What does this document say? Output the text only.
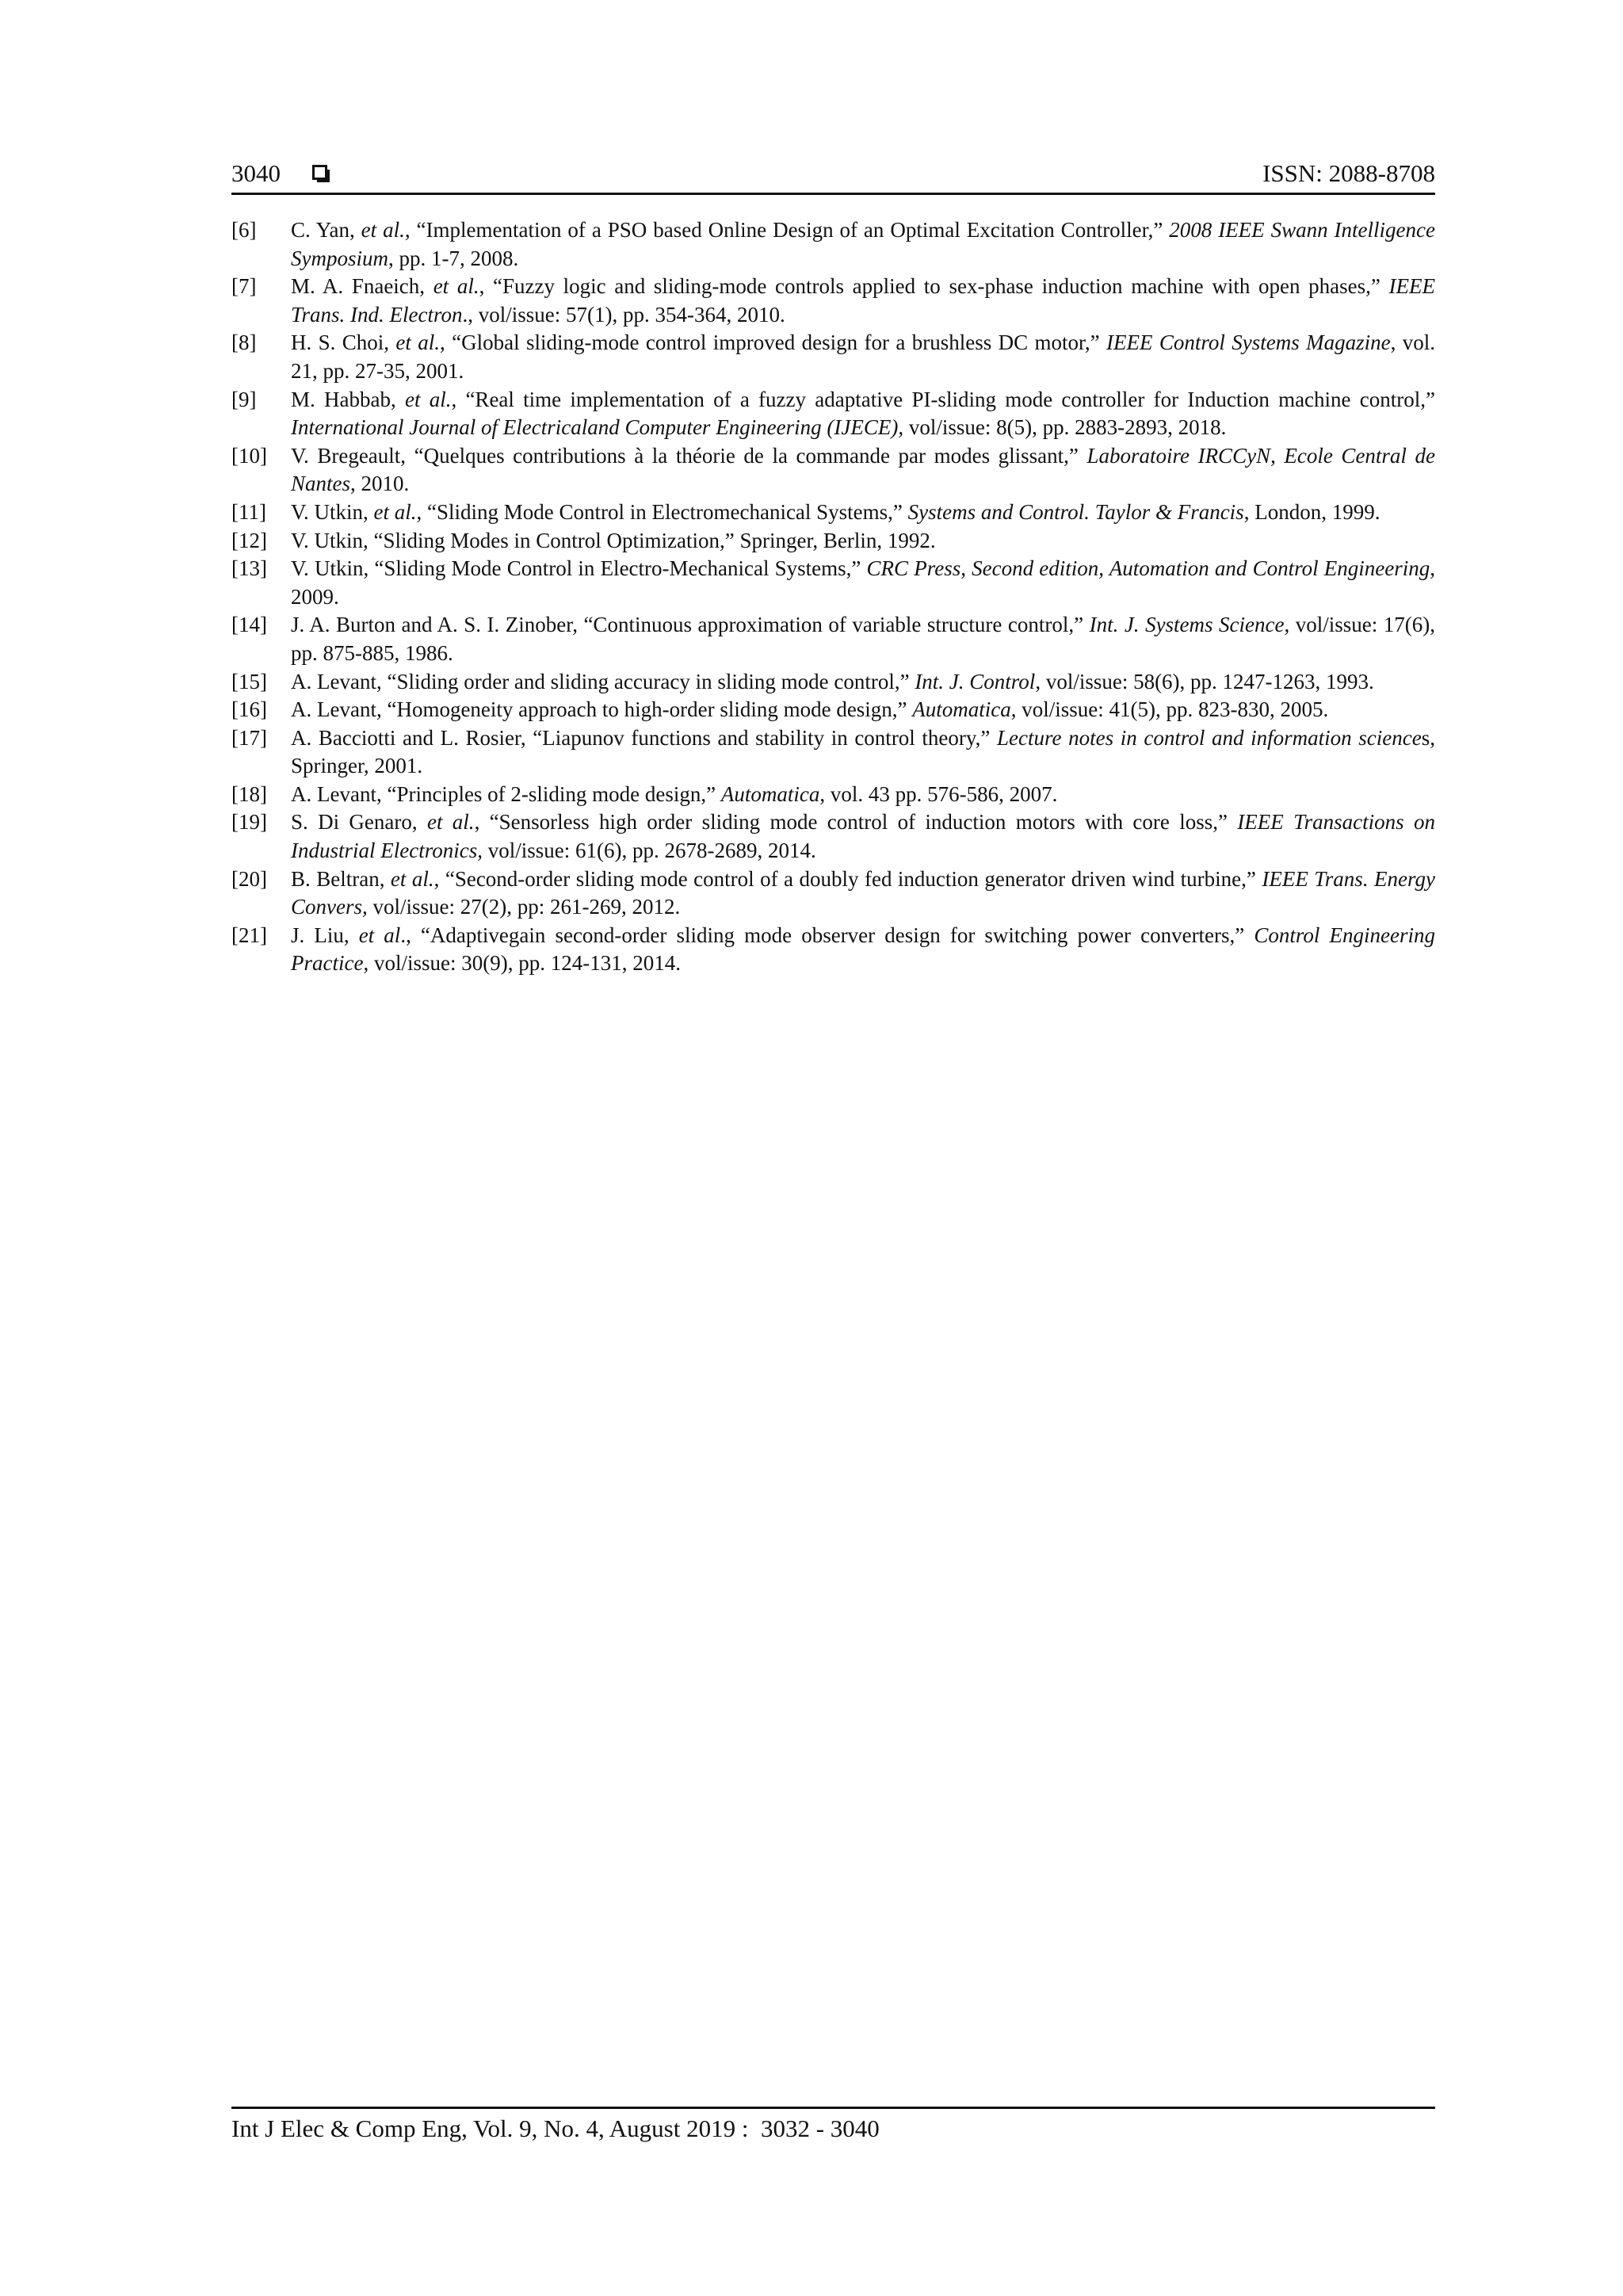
3040	ISSN: 2088-8708
[6]	C. Yan, et al., “Implementation of a PSO based Online Design of an Optimal Excitation Controller,” 2008 IEEE Swann Intelligence Symposium, pp. 1-7, 2008.
[7]	M. A. Fnaeich, et al., “Fuzzy logic and sliding-mode controls applied to sex-phase induction machine with open phases,” IEEE Trans. Ind. Electron., vol/issue: 57(1), pp. 354-364, 2010.
[8]	H. S. Choi, et al., “Global sliding-mode control improved design for a brushless DC motor,” IEEE Control Systems Magazine, vol. 21, pp. 27-35, 2001.
[9]	M. Habbab, et al., “Real time implementation of a fuzzy adaptative PI-sliding mode controller for Induction machine control,” International Journal of Electricaland Computer Engineering (IJECE), vol/issue: 8(5), pp. 2883-2893, 2018.
[10]	V. Bregeault, “Quelques contributions à la théorie de la commande par modes glissant,” Laboratoire IRCCyN, Ecole Central de Nantes, 2010.
[11]	V. Utkin, et al., “Sliding Mode Control in Electromechanical Systems,” Systems and Control. Taylor & Francis, London, 1999.
[12]	V. Utkin, “Sliding Modes in Control Optimization,” Springer, Berlin, 1992.
[13]	V. Utkin, “Sliding Mode Control in Electro-Mechanical Systems,” CRC Press, Second edition, Automation and Control Engineering, 2009.
[14]	J. A. Burton and A. S. I. Zinober, “Continuous approximation of variable structure control,” Int. J. Systems Science, vol/issue: 17(6), pp. 875-885, 1986.
[15]	A. Levant, “Sliding order and sliding accuracy in sliding mode control,” Int. J. Control, vol/issue: 58(6), pp. 1247-1263, 1993.
[16]	A. Levant, “Homogeneity approach to high-order sliding mode design,” Automatica, vol/issue: 41(5), pp. 823-830, 2005.
[17]	A. Bacciotti and L. Rosier, “Liapunov functions and stability in control theory,” Lecture notes in control and information sciences, Springer, 2001.
[18]	A. Levant, “Principles of 2-sliding mode design,” Automatica, vol. 43 pp. 576-586, 2007.
[19]	S. Di Genaro, et al., “Sensorless high order sliding mode control of induction motors with core loss,” IEEE Transactions on Industrial Electronics, vol/issue: 61(6), pp. 2678-2689, 2014.
[20]	B. Beltran, et al., “Second-order sliding mode control of a doubly fed induction generator driven wind turbine,” IEEE Trans. Energy Convers, vol/issue: 27(2), pp: 261-269, 2012.
[21]	J. Liu, et al., “Adaptivegain second-order sliding mode observer design for switching power converters,” Control Engineering Practice, vol/issue: 30(9), pp. 124-131, 2014.
Int J Elec & Comp Eng, Vol. 9, No. 4, August 2019 :  3032 - 3040
